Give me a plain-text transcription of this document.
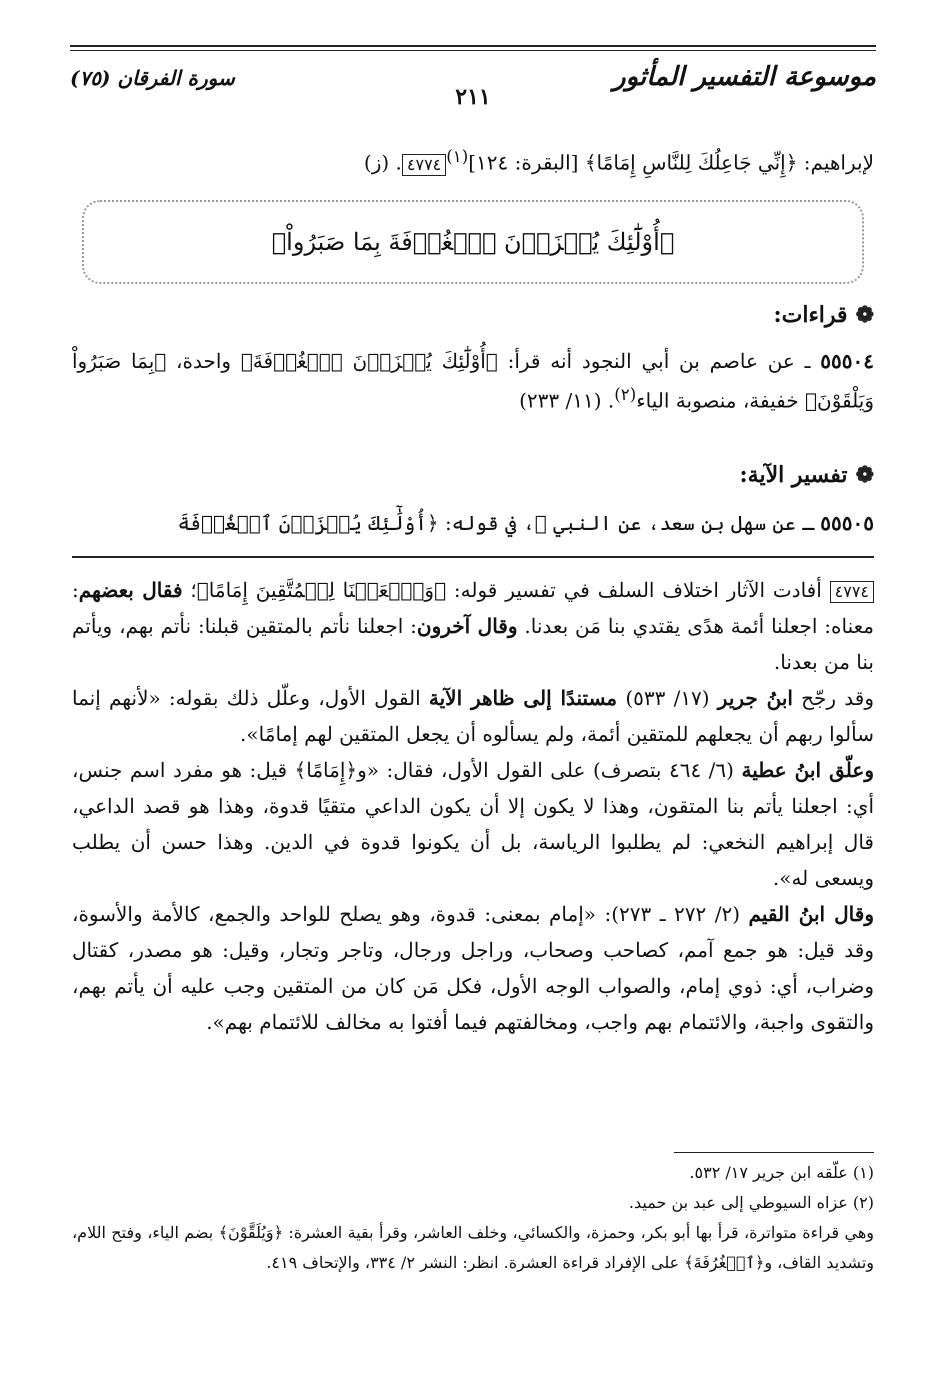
موسوعة التفسير المأثور
سورة الفرقان (٧٥)
٢١١
لإبراهيم: ﴿إِنِّي جَاعِلُكَ لِلنَّاسِ إِمَامًا﴾ [البقرة: ١٢٤]$^{(١)}$٤٧٧٤. (ز)
﴿أُوْلَٰٓئِكَ يُجۡزَوۡنَ ٱلۡغُرۡفَةَ بِمَا صَبَرُواْ﴾
❁قراءات:
٥٥٥٠٤ ـ عن عاصم بن أبي النجود أنه قرأ: ﴿أُوْلَٰٓئِكَ يُجۡزَوۡنَ ٱلۡغُرۡفَةَ﴾ واحدة، ﴿بِمَا صَبَرُواْ وَيَلْقَوْنَ﴾ خفيفة، منصوبة الياء$^{(٢)}$. (١١/ ٢٣٣)
❁تفسير الآية:
٥٥٥٠٥ ـ عن سهل بن سعد، عن النبي ﷺ، في قوله: ﴿أُوْلَٰٓئِكَ يُجۡزَوۡنَ ٱلۡغُرۡفَةَ
٤٧٧٤ أفادت الآثار اختلاف السلف في تفسير قوله: ﴿وَٱجۡعَلۡنَا لِلۡمُتَّقِينَ إِمَامًا﴾؛ فقال بعضهم: معناه: اجعلنا أئمة هدًى يقتدي بنا مَن بعدنا. وقال آخرون: اجعلنا نأتم بالمتقين قبلنا: نأتم بهم، ويأتم بنا من بعدنا.
وقد رجّح ابنُ جرير (١٧/ ٥٣٣) مستندًا إلى ظاهر الآية القول الأول، وعلّل ذلك بقوله: «لأنهم إنما سألوا ربهم أن يجعلهم للمتقين أئمة، ولم يسألوه أن يجعل المتقين لهم إمامًا».
وعلّق ابنُ عطية (٦/ ٤٦٤ بتصرف) على القول الأول، فقال: «و﴿إِمَامًا﴾ قيل: هو مفرد اسم جنس، أي: اجعلنا يأتم بنا المتقون، وهذا لا يكون إلا أن يكون الداعي متقيًا قدوة، وهذا هو قصد الداعي، قال إبراهيم النخعي: لم يطلبوا الرياسة، بل أن يكونوا قدوة في الدين. وهذا حسن أن يطلب ويسعى له».
وقال ابنُ القيم (٢/ ٢٧٢ ـ ٢٧٣): «إمام بمعنى: قدوة، وهو يصلح للواحد والجمع، كالأمة والأسوة، وقد قيل: هو جمع آمم، كصاحب وصحاب، وراجل ورجال، وتاجر وتجار، وقيل: هو مصدر، كقتال وضراب، أي: ذوي إمام، والصواب الوجه الأول، فكل مَن كان من المتقين وجب عليه أن يأتم بهم، والتقوى واجبة، والائتمام بهم واجب، ومخالفتهم فيما أفتوا به مخالف للائتمام بهم».
(١) علّقه ابن جرير ١٧/ ٥٣٢.
(٢) عزاه السيوطي إلى عبد بن حميد.
وهي قراءة متواترة، قرأ بها أبو بكر، وحمزة، والكسائي، وخلف العاشر، وقرأ بقية العشرة: ﴿وَيُلَقَّوْنَ﴾ بضم الياء، وفتح اللام، وتشديد القاف، و﴿ٱلۡغُرُفَةَ﴾ على الإفراد قراءة العشرة. انظر: النشر ٢/ ٣٣٤، والإتحاف ٤١٩.
